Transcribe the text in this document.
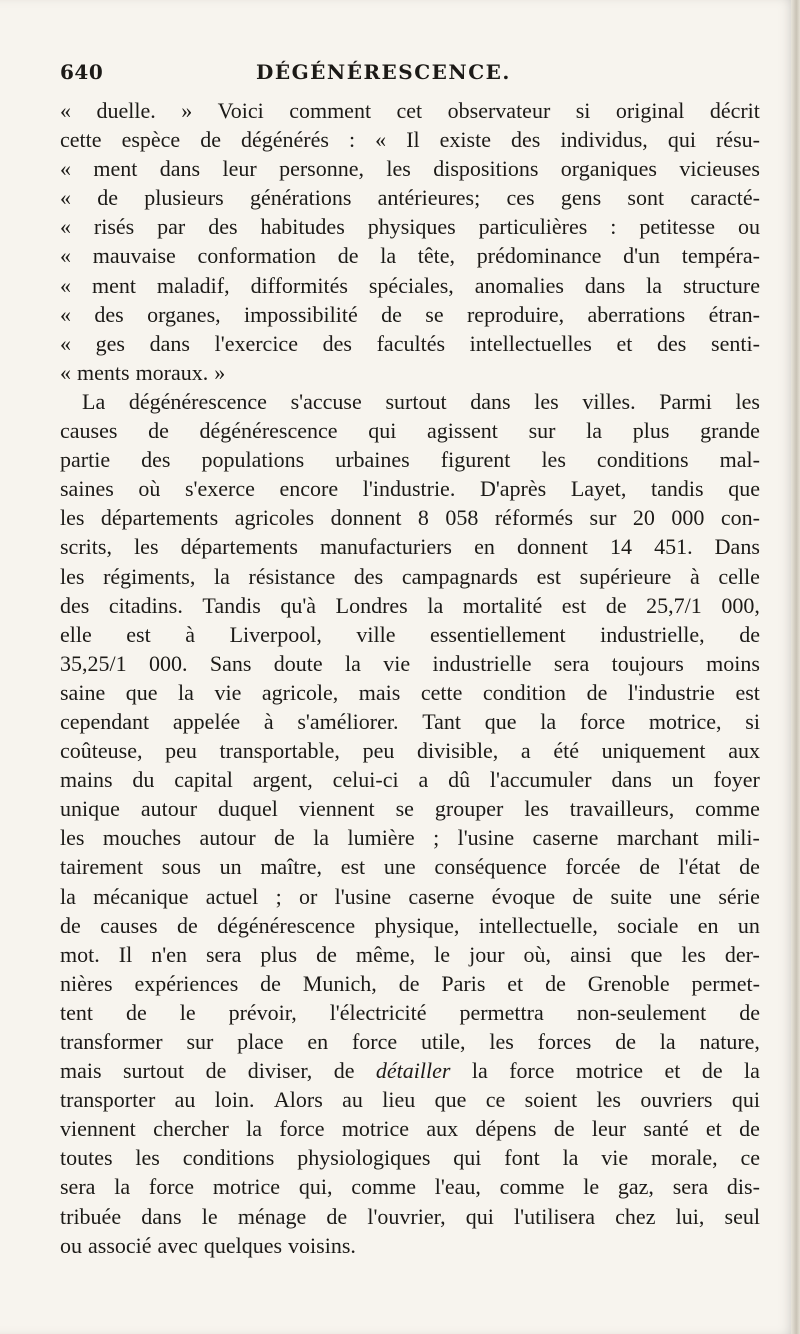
640	DÉGÉNÉRESCENCE.
« duelle. » Voici comment cet observateur si original décrit
cette espèce de dégénérés : « Il existe des individus, qui résu-
« ment dans leur personne, les dispositions organiques vicieuses
« de plusieurs générations antérieures; ces gens sont caracté-
« risés par des habitudes physiques particulières : petitesse ou
« mauvaise conformation de la tête, prédominance d'un tempéra-
« ment maladif, difformités spéciales, anomalies dans la structure
« des organes, impossibilité de se reproduire, aberrations étran-
« ges dans l'exercice des facultés intellectuelles et des senti-
« ments moraux. »
La dégénérescence s'accuse surtout dans les villes. Parmi les
causes de dégénérescence qui agissent sur la plus grande
partie des populations urbaines figurent les conditions mal-
saines où s'exerce encore l'industrie. D'après Layet, tandis que
les départements agricoles donnent 8 058 réformés sur 20 000 con-
scrits, les départements manufacturiers en donnent 14 451. Dans
les régiments, la résistance des campagnards est supérieure à celle
des citadins. Tandis qu'à Londres la mortalité est de 25,7/1 000,
elle est à Liverpool, ville essentiellement industrielle, de
35,25/1 000. Sans doute la vie industrielle sera toujours moins
saine que la vie agricole, mais cette condition de l'industrie est
cependant appelée à s'améliorer. Tant que la force motrice, si
coûteuse, peu transportable, peu divisible, a été uniquement aux
mains du capital argent, celui-ci a dû l'accumuler dans un foyer
unique autour duquel viennent se grouper les travailleurs, comme
les mouches autour de la lumière ; l'usine caserne marchant mili-
tairement sous un maître, est une conséquence forcée de l'état de
la mécanique actuel ; or l'usine caserne évoque de suite une série
de causes de dégénérescence physique, intellectuelle, sociale en un
mot. Il n'en sera plus de même, le jour où, ainsi que les der-
nières expériences de Munich, de Paris et de Grenoble permet-
tent de le prévoir, l'électricité permettra non-seulement de
transformer sur place en force utile, les forces de la nature,
mais surtout de diviser, de détailler la force motrice et de la
transporter au loin. Alors au lieu que ce soient les ouvriers qui
viennent chercher la force motrice aux dépens de leur santé et de
toutes les conditions physiologiques qui font la vie morale, ce
sera la force motrice qui, comme l'eau, comme le gaz, sera dis-
tribuée dans le ménage de l'ouvrier, qui l'utilisera chez lui, seul
ou associé avec quelques voisins.
